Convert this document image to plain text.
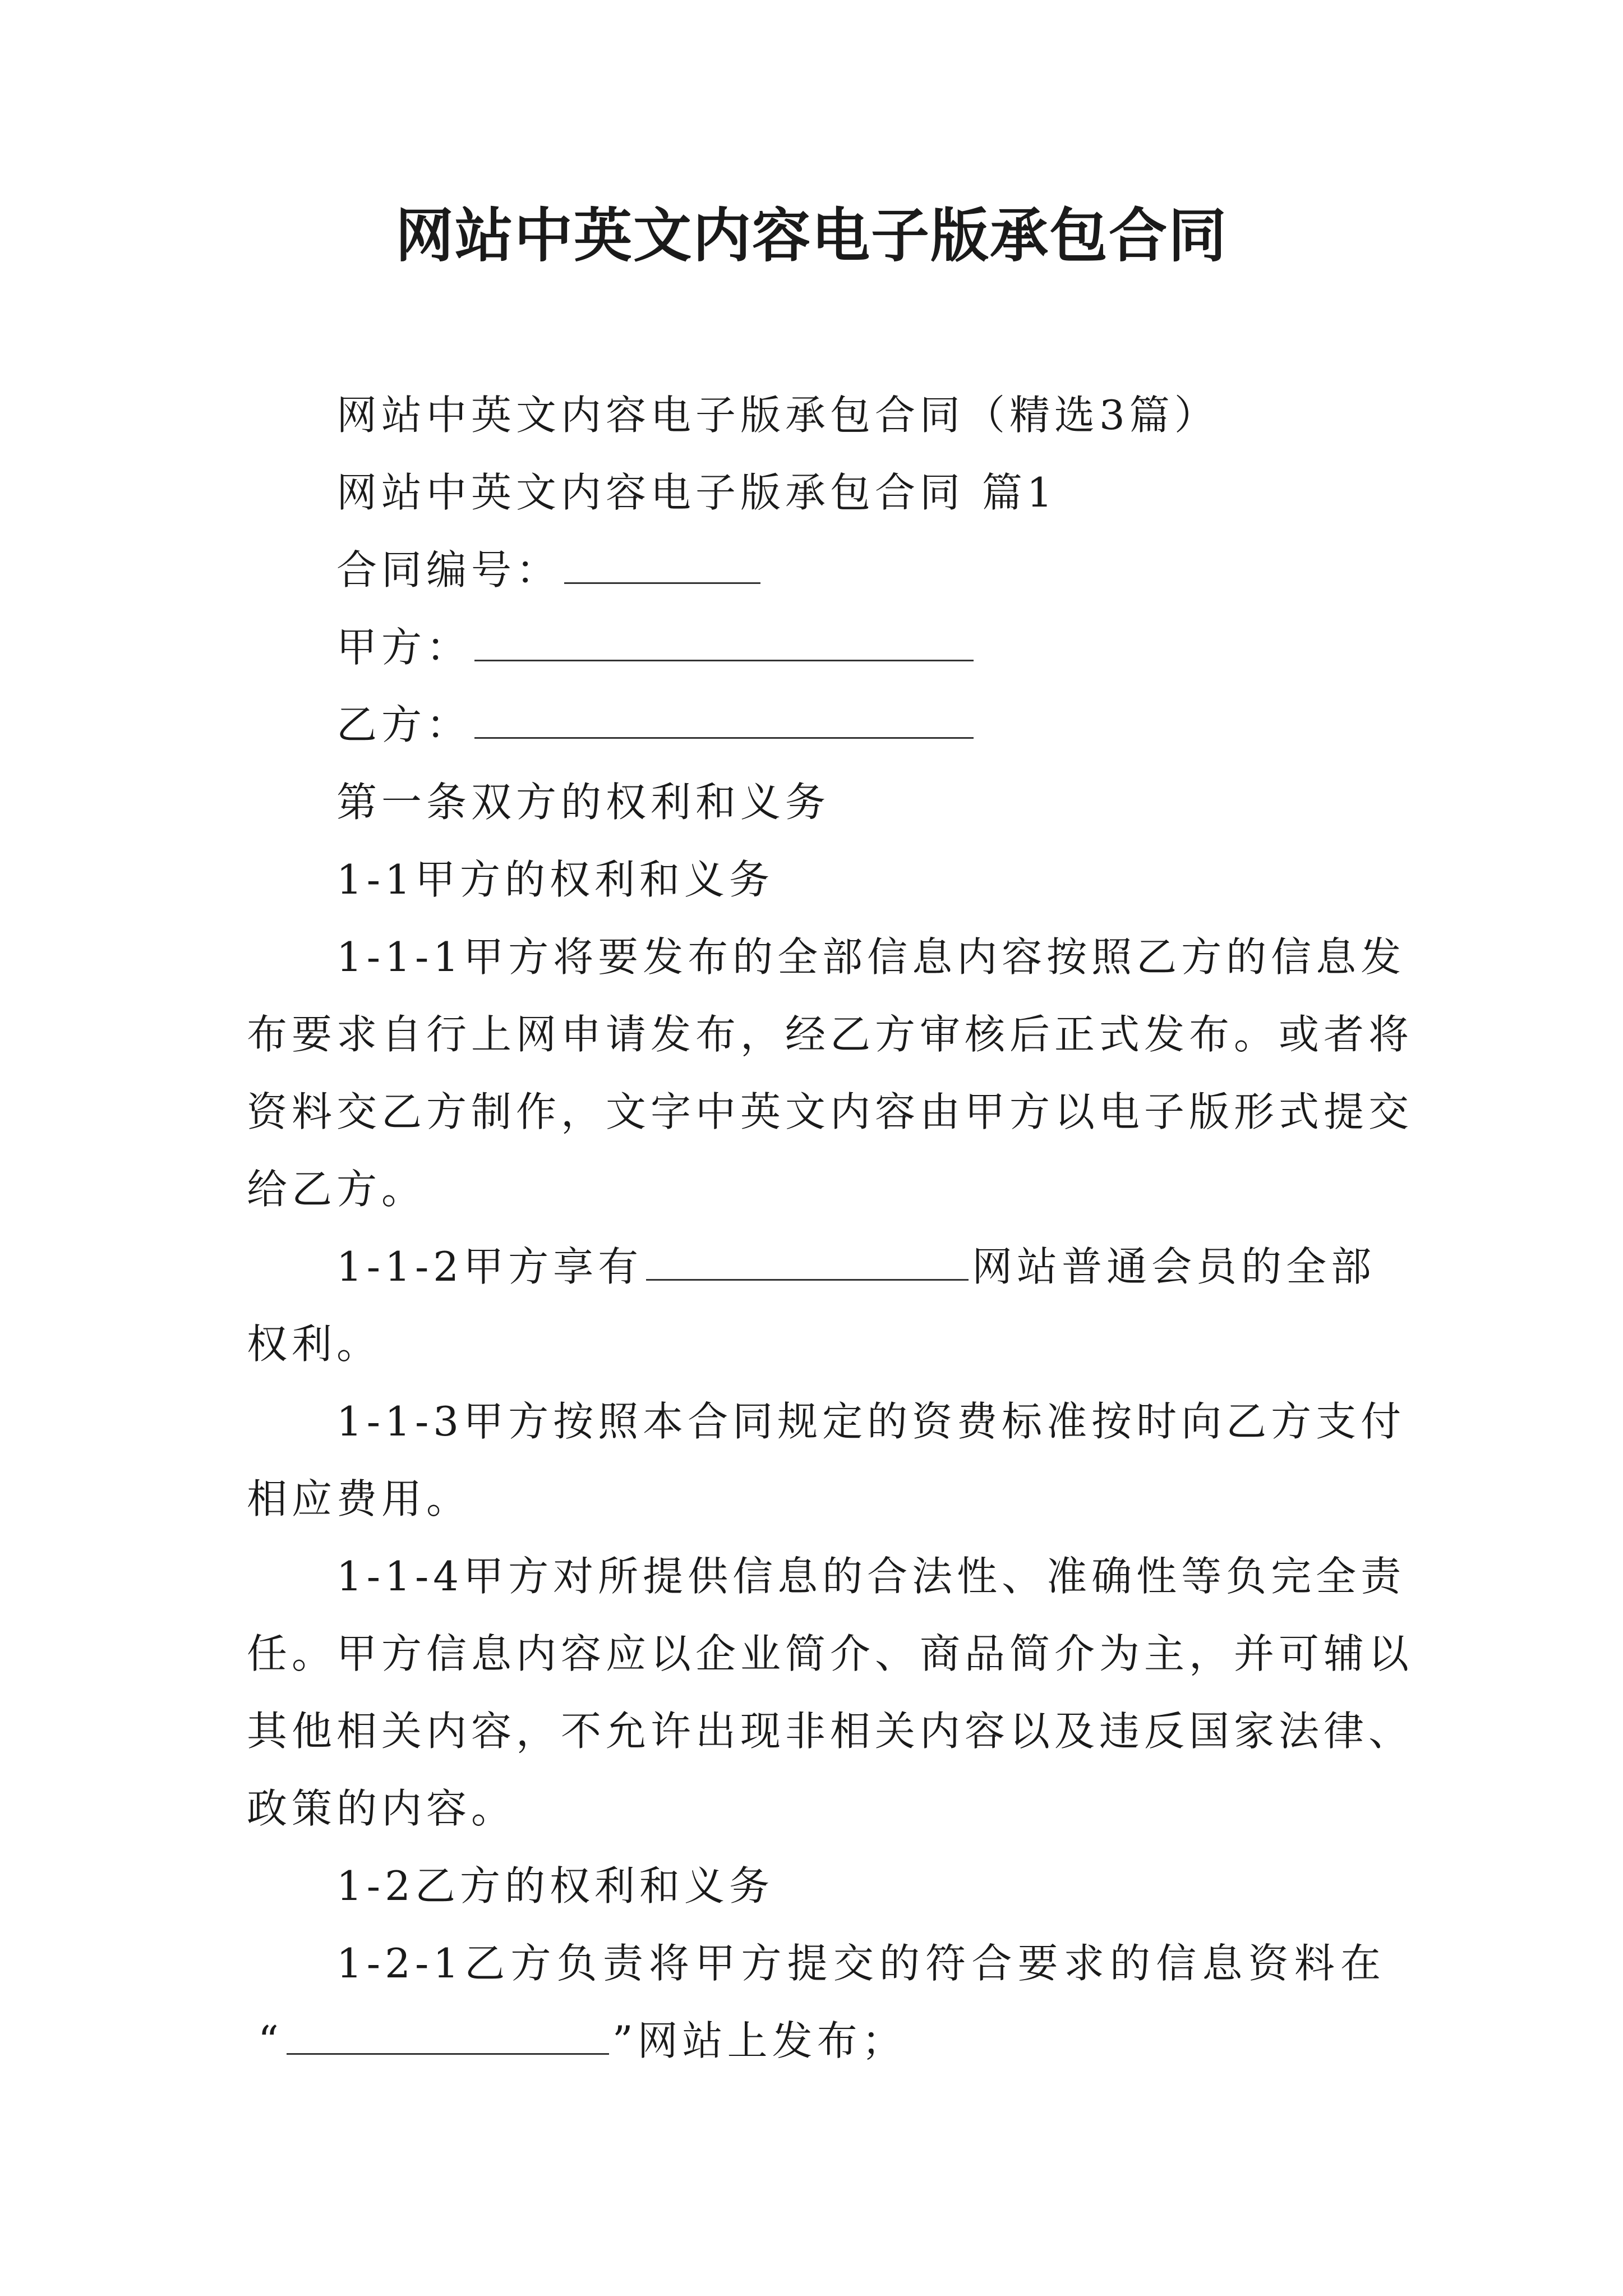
网站中英文内容电子版承包合同
网站中英文内容电子版承包合同（精选3篇）
网站中英文内容电子版承包合同 篇1
合同编号：
甲方：
乙方：
第一条双方的权利和义务
1-1甲方的权利和义务
1-1-1甲方将要发布的全部信息内容按照乙方的信息发
布要求自行上网申请发布，经乙方审核后正式发布。或者将
资料交乙方制作，文字中英文内容由甲方以电子版形式提交
给乙方。
1-1-2甲方享有	网站普通会员的全部
权利。
1-1-3甲方按照本合同规定的资费标准按时向乙方支付
相应费用。
1-1-4甲方对所提供信息的合法性、准确性等负完全责
任。甲方信息内容应以企业简介、商品简介为主，并可辅以
其他相关内容，不允许出现非相关内容以及违反国家法律、
政策的内容。
1-2乙方的权利和义务
1-2-1乙方负责将甲方提交的符合要求的信息资料在
“	”网站上发布；
